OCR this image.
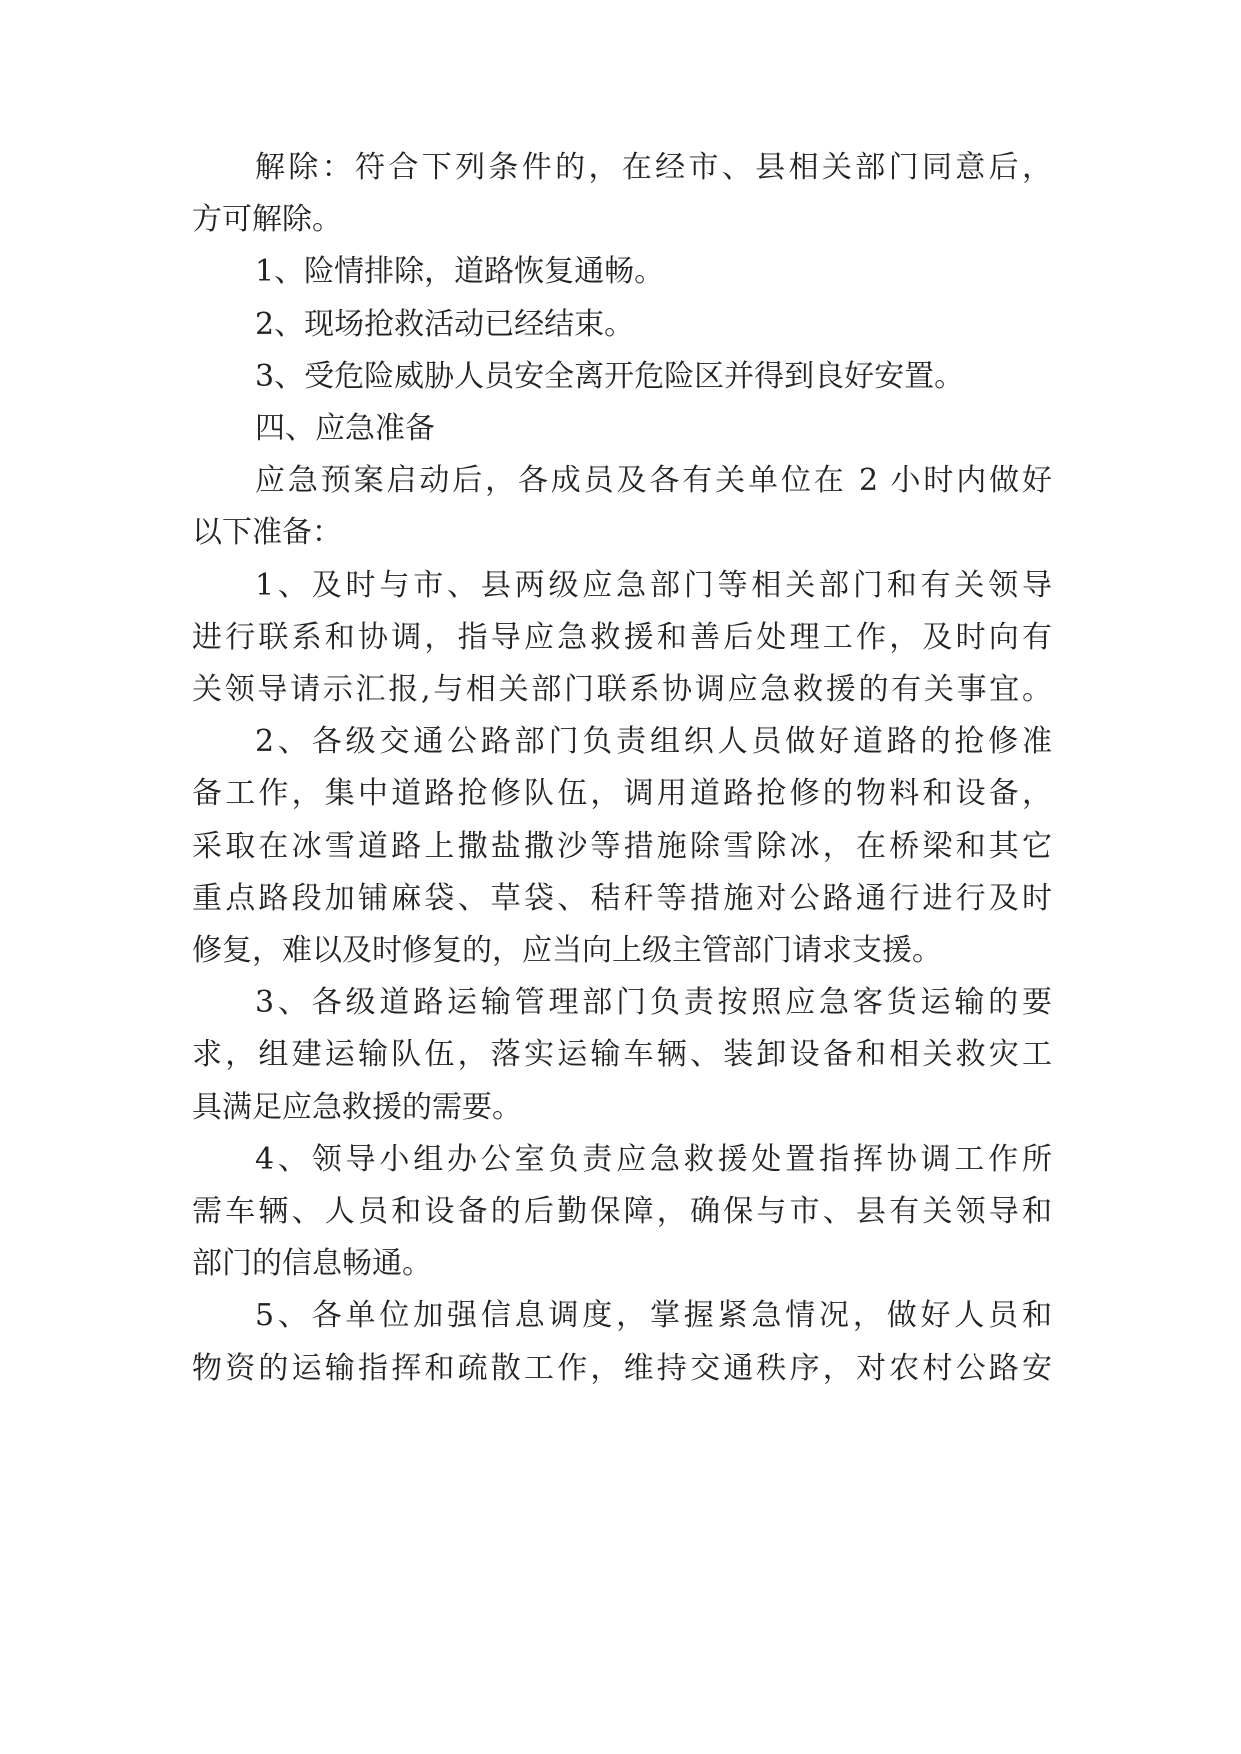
解除：符合下列条件的，在经市、县相关部门同意后，
方可解除。
1、险情排除，道路恢复通畅。
2、现场抢救活动已经结束。
3、受危险威胁人员安全离开危险区并得到良好安置。
四、应急准备
应急预案启动后，各成员及各有关单位在 2 小时内做好
以下准备：
1、及时与市、县两级应急部门等相关部门和有关领导
进行联系和协调，指导应急救援和善后处理工作，及时向有
关领导请示汇报,与相关部门联系协调应急救援的有关事宜。
2、各级交通公路部门负责组织人员做好道路的抢修准
备工作，集中道路抢修队伍，调用道路抢修的物料和设备，
采取在冰雪道路上撒盐撒沙等措施除雪除冰，在桥梁和其它
重点路段加铺麻袋、草袋、秸秆等措施对公路通行进行及时
修复，难以及时修复的，应当向上级主管部门请求支援。
3、各级道路运输管理部门负责按照应急客货运输的要
求，组建运输队伍，落实运输车辆、装卸设备和相关救灾工
具满足应急救援的需要。
4、领导小组办公室负责应急救援处置指挥协调工作所
需车辆、人员和设备的后勤保障，确保与市、县有关领导和
部门的信息畅通。
5、各单位加强信息调度，掌握紧急情况，做好人员和
物资的运输指挥和疏散工作，维持交通秩序，对农村公路安
